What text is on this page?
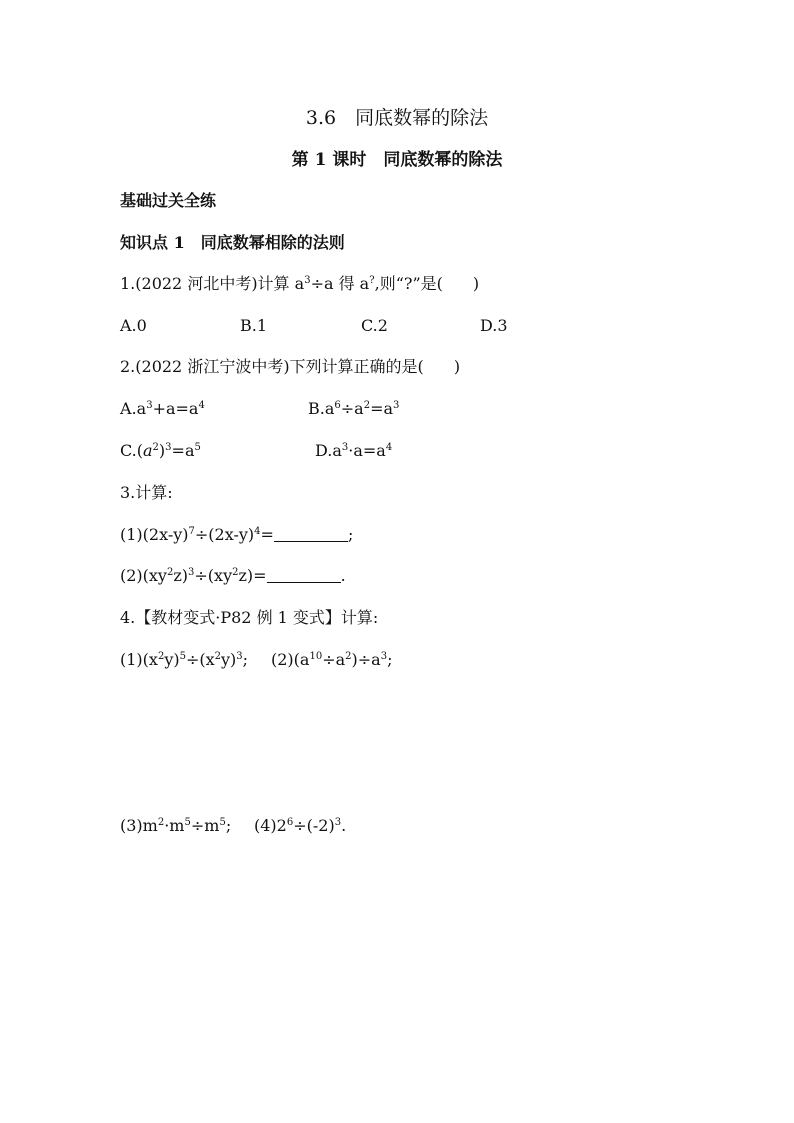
3.6　同底数幂的除法
第 1 课时　同底数幂的除法
基础过关全练
知识点 1　同底数幂相除的法则
1.(2022 河北中考)计算 $a^3\div a$ 得 a?,则“?”是( )
A.0	B.1	C.2	D.3
2.(2022 浙江宁波中考)下列计算正确的是( )
$A.a^3+a=a^4$	$B.a^6\div a^2=a^3$
$C.(a^2)^3=a^5$	$D.a^3\cdot a=a^4$
3.计算:
$(1)(2x-y)^7\div(2x-y)^4=$	;
$(2)(xy^2z)^3\div(xy^2z)=$	.
4.【教材变式·P82 例 1 变式】计算:
$(1)(x^2y)^5\div(x^2y)^3$; $(2)(a^{10}\div a^2)\div a^3$;
$(3)m^2\cdot m^5\div m^5$; $(4)2^6\div(-2)^3$.
